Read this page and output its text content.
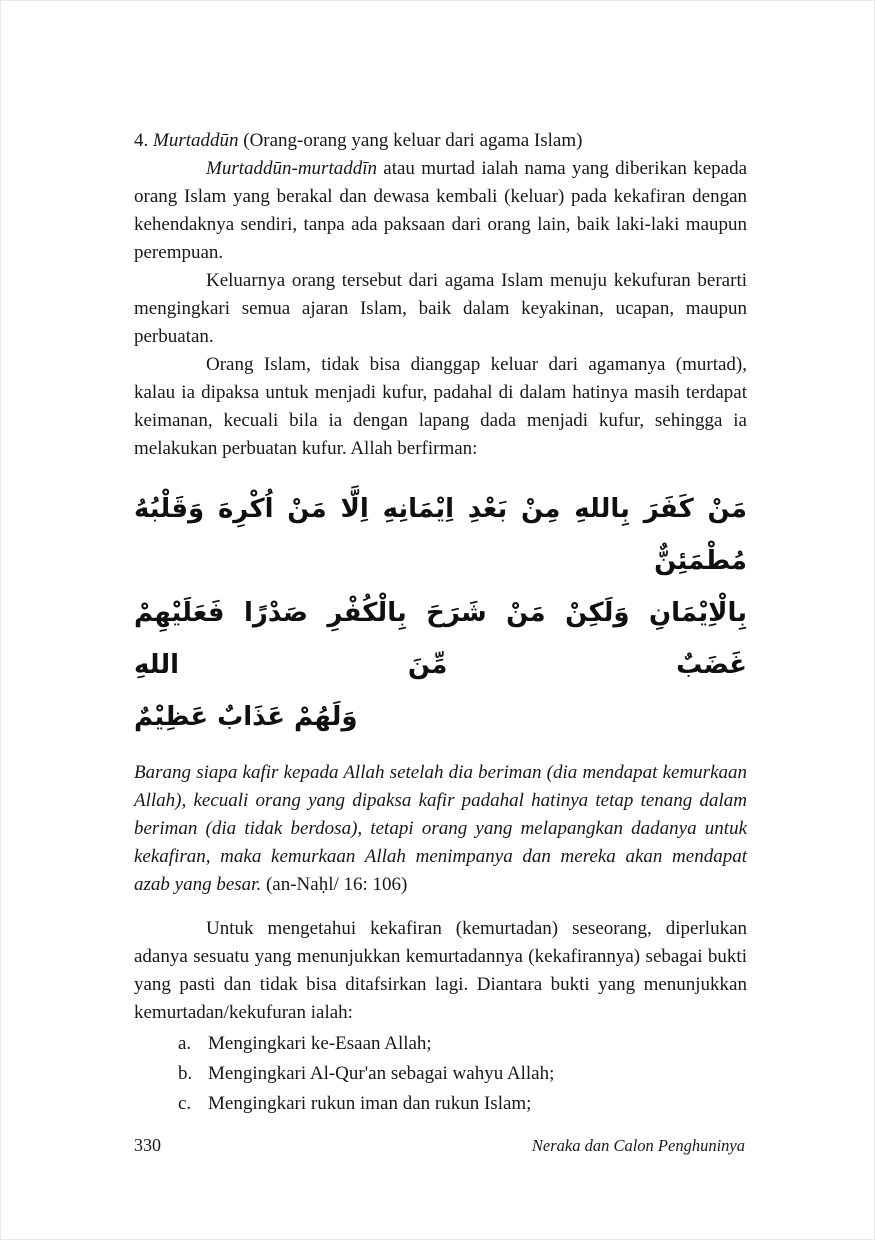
4. Murtaddūn (Orang-orang yang keluar dari agama Islam)

Murtaddūn-murtaddīn atau murtad ialah nama yang diberikan kepada orang Islam yang berakal dan dewasa kembali (keluar) pada kekafiran dengan kehendaknya sendiri, tanpa ada paksaan dari orang lain, baik laki-laki maupun perempuan.

Keluarnya orang tersebut dari agama Islam menuju kekufuran berarti mengingkari semua ajaran Islam, baik dalam keyakinan, ucapan, maupun perbuatan.

Orang Islam, tidak bisa dianggap keluar dari agamanya (murtad), kalau ia dipaksa untuk menjadi kufur, padahal di dalam hatinya masih terdapat keimanan, kecuali bila ia dengan lapang dada menjadi kufur, sehingga ia melakukan perbuatan kufur. Allah berfirman:

مَنْ كَفَرَ بِاللهِ مِنْ بَعْدِ اِيْمَانِهِ اِلَّا مَنْ اُكْرِهَ وَقَلْبُهُ مُطْمَئِنٌّ
بِالْاِيْمَانِ وَلَكِنْ مَنْ شَرَحَ بِالْكُفْرِ صَدْرًا فَعَلَيْهِمْ غَضَبٌ مِّنَ اللهِ
وَلَهُمْ عَذَابٌ عَظِيْمٌ

Barang siapa kafir kepada Allah setelah dia beriman (dia mendapat kemurkaan Allah), kecuali orang yang dipaksa kafir padahal hatinya tetap tenang dalam beriman (dia tidak berdosa), tetapi orang yang melapangkan dadanya untuk kekafiran, maka kemurkaan Allah menimpanya dan mereka akan mendapat azab yang besar. (an-Naḥl/ 16: 106)

Untuk mengetahui kekafiran (kemurtadan) seseorang, diperlukan adanya sesuatu yang menunjukkan kemurtadannya (kekafirannya) sebagai bukti yang pasti dan tidak bisa ditafsirkan lagi. Diantara bukti yang menunjukkan kemurtadan/kekufuran ialah:

a. Mengingkari ke-Esaan Allah;
b. Mengingkari Al-Qur'an sebagai wahyu Allah;
c. Mengingkari rukun iman dan rukun Islam;
330	Neraka dan Calon Penghuninya
